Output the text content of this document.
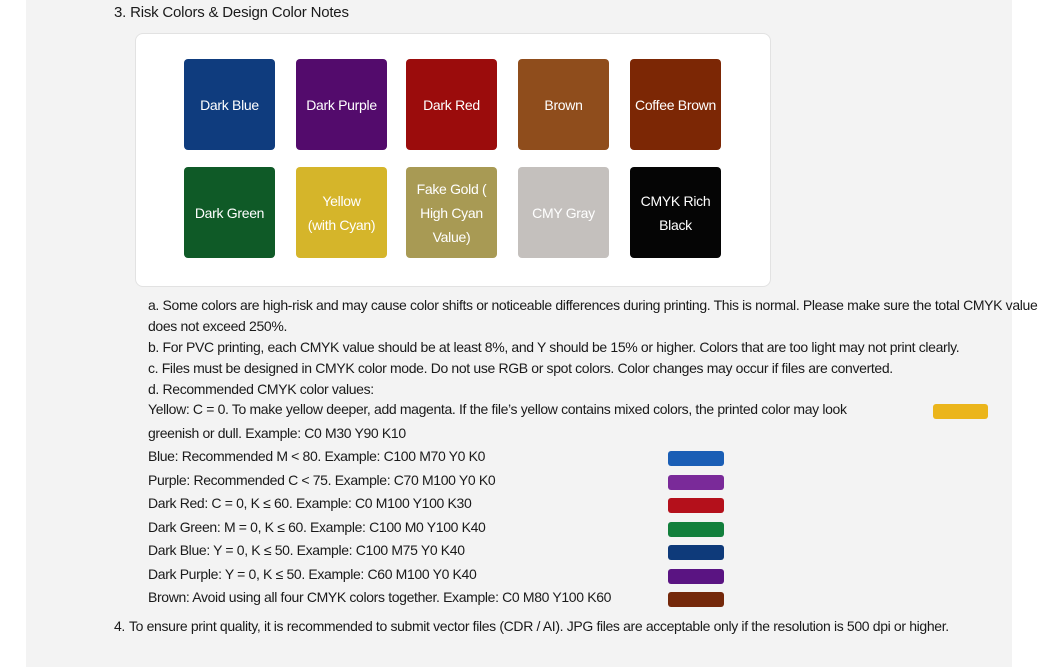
3. Risk Colors & Design Color Notes
Dark Blue	Dark Purple	Dark Red	Brown	Coffee Brown
Dark Green
Yellow
(with Cyan)
Fake Gold (
High Cyan
Value)
CMY Gray
CMYK Rich
Black

a. Some colors are high-risk and may cause color shifts or noticeable differences during printing. This is normal. Please make sure the total CMYK value does not exceed 250%.

b. For PVC printing, each CMYK value should be at least 8%, and Y should be 15% or higher. Colors that are too light may not print clearly.

c. Files must be designed in CMYK color mode. Do not use RGB or spot colors. Color changes may occur if files are converted.

d. Recommended CMYK color values:

Yellow: C = 0. To make yellow deeper, add magenta. If the file’s yellow contains mixed colors, the printed color may look
greenish or dull. Example: C0 M30 Y90 K10
Blue: Recommended M < 80. Example: C100 M70 Y0 K0
Purple: Recommended C < 75. Example: C70 M100 Y0 K0
Dark Red: C = 0, K ≤ 60. Example: C0 M100 Y100 K30
Dark Green: M = 0, K ≤ 60. Example: C100 M0 Y100 K40
Dark Blue: Y = 0, K ≤ 50. Example: C100 M75 Y0 K40
Dark Purple: Y = 0, K ≤ 50. Example: C60 M100 Y0 K40
Brown: Avoid using all four CMYK colors together. Example: C0 M80 Y100 K60
4. To ensure print quality, it is recommended to submit vector files (CDR / AI). JPG files are acceptable only if the resolution is 500 dpi or higher.
